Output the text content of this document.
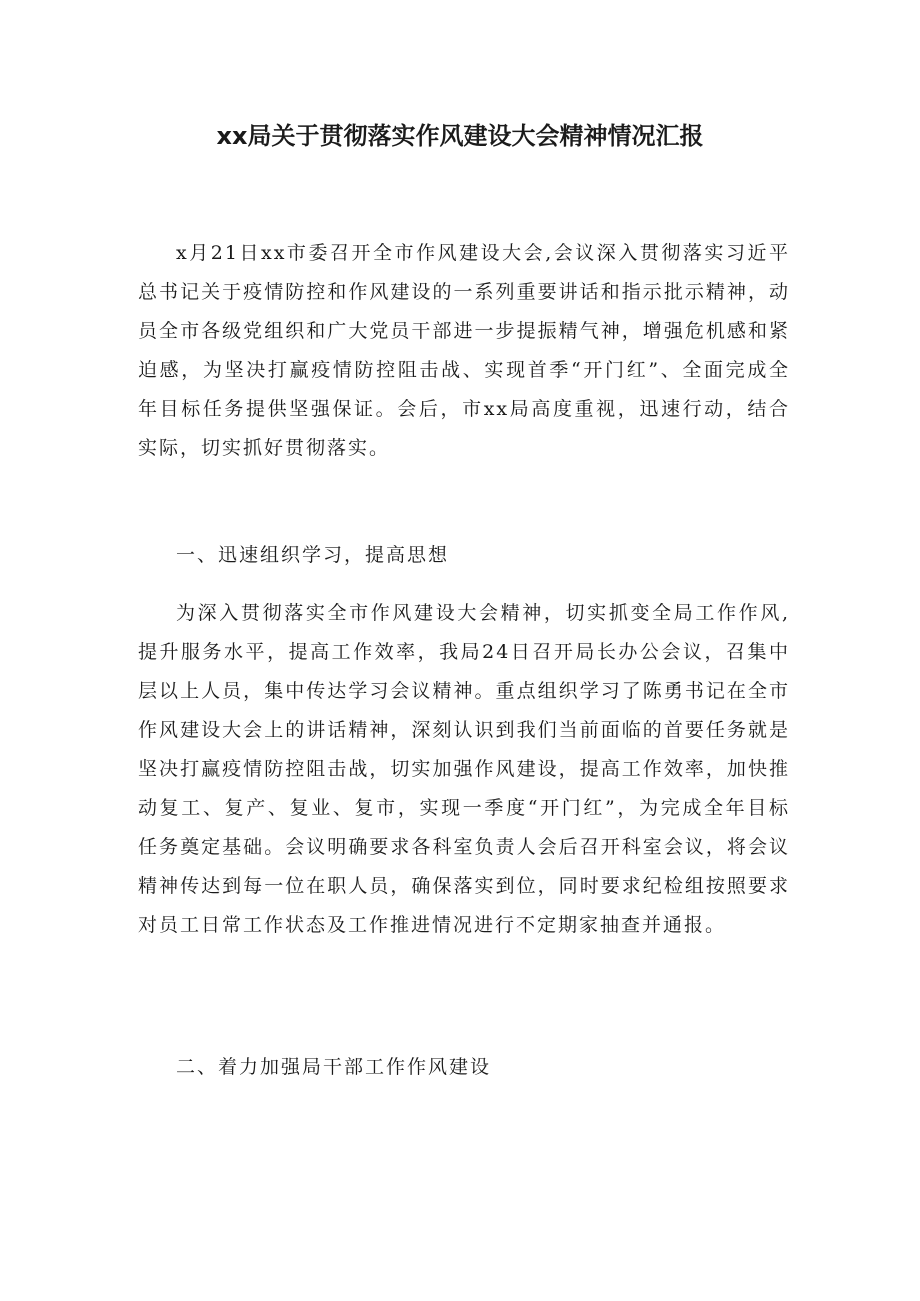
xx局关于贯彻落实作风建设大会精神情况汇报

x月21日xx市委召开全市作风建设大会,会议深入贯彻落实习近平总书记关于疫情防控和作风建设的一系列重要讲话和指示批示精神，动员全市各级党组织和广大党员干部进一步提振精气神，增强危机感和紧迫感，为坚决打赢疫情防控阻击战、实现首季“开门红”、全面完成全年目标任务提供坚强保证。会后，市xx局高度重视，迅速行动，结合实际，切实抓好贯彻落实。

一、迅速组织学习，提高思想

为深入贯彻落实全市作风建设大会精神，切实抓变全局工作作风,提升服务水平，提高工作效率，我局24日召开局长办公会议，召集中层以上人员，集中传达学习会议精神。重点组织学习了陈勇书记在全市作风建设大会上的讲话精神，深刻认识到我们当前面临的首要任务就是坚决打赢疫情防控阻击战，切实加强作风建设，提高工作效率，加快推动复工、复产、复业、复市，实现一季度“开门红”，为完成全年目标任务奠定基础。会议明确要求各科室负责人会后召开科室会议，将会议精神传达到每一位在职人员，确保落实到位，同时要求纪检组按照要求对员工日常工作状态及工作推进情况进行不定期家抽查并通报。

二、着力加强局干部工作作风建设
